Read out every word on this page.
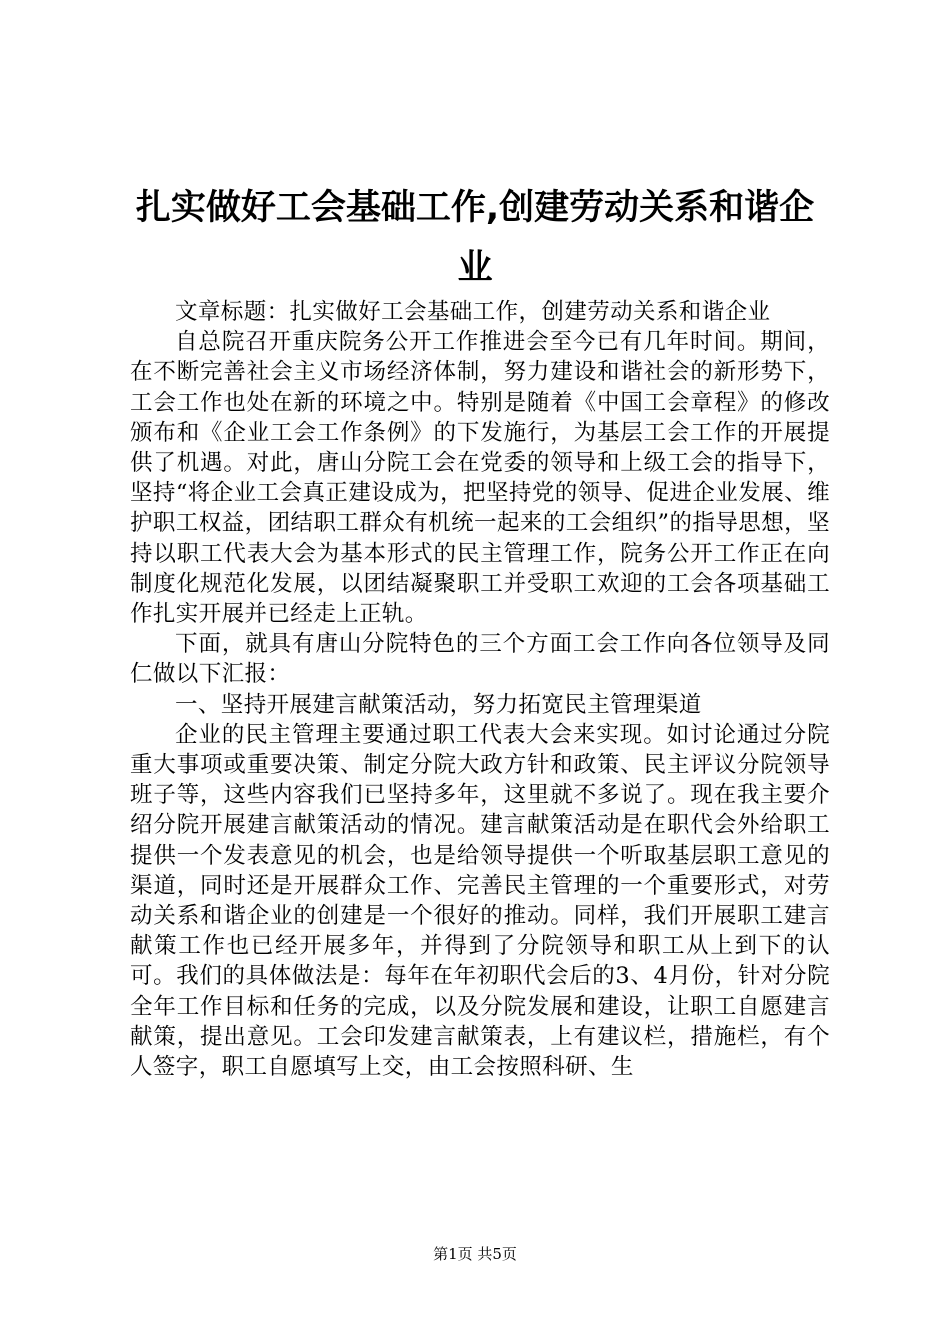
扎实做好工会基础工作,创建劳动关系和谐企业

文章标题：扎实做好工会基础工作，创建劳动关系和谐企业

自总院召开重庆院务公开工作推进会至今已有几年时间。期间，在不断完善社会主义市场经济体制，努力建设和谐社会的新形势下，工会工作也处在新的环境之中。特别是随着《中国工会章程》的修改颁布和《企业工会工作条例》的下发施行，为基层工会工作的开展提供了机遇。对此，唐山分院工会在党委的领导和上级工会的指导下，坚持“将企业工会真正建设成为，把坚持党的领导、促进企业发展、维护职工权益，团结职工群众有机统一起来的工会组织”的指导思想，坚持以职工代表大会为基本形式的民主管理工作，院务公开工作正在向制度化规范化发展，以团结凝聚职工并受职工欢迎的工会各项基础工作扎实开展并已经走上正轨。

下面，就具有唐山分院特色的三个方面工会工作向各位领导及同仁做以下汇报：

一、坚持开展建言献策活动，努力拓宽民主管理渠道

企业的民主管理主要通过职工代表大会来实现。如讨论通过分院重大事项或重要决策、制定分院大政方针和政策、民主评议分院领导班子等，这些内容我们已坚持多年，这里就不多说了。现在我主要介绍分院开展建言献策活动的情况。建言献策活动是在职代会外给职工提供一个发表意见的机会，也是给领导提供一个听取基层职工意见的渠道，同时还是开展群众工作、完善民主管理的一个重要形式，对劳动关系和谐企业的创建是一个很好的推动。同样，我们开展职工建言献策工作也已经开展多年，并得到了分院领导和职工从上到下的认可。我们的具体做法是：每年在年初职代会后的3、4月份，针对分院全年工作目标和任务的完成，以及分院发展和建设，让职工自愿建言献策，提出意见。工会印发建言献策表，上有建议栏，措施栏，有个人签字，职工自愿填写上交，由工会按照科研、生

第1页 共5页
